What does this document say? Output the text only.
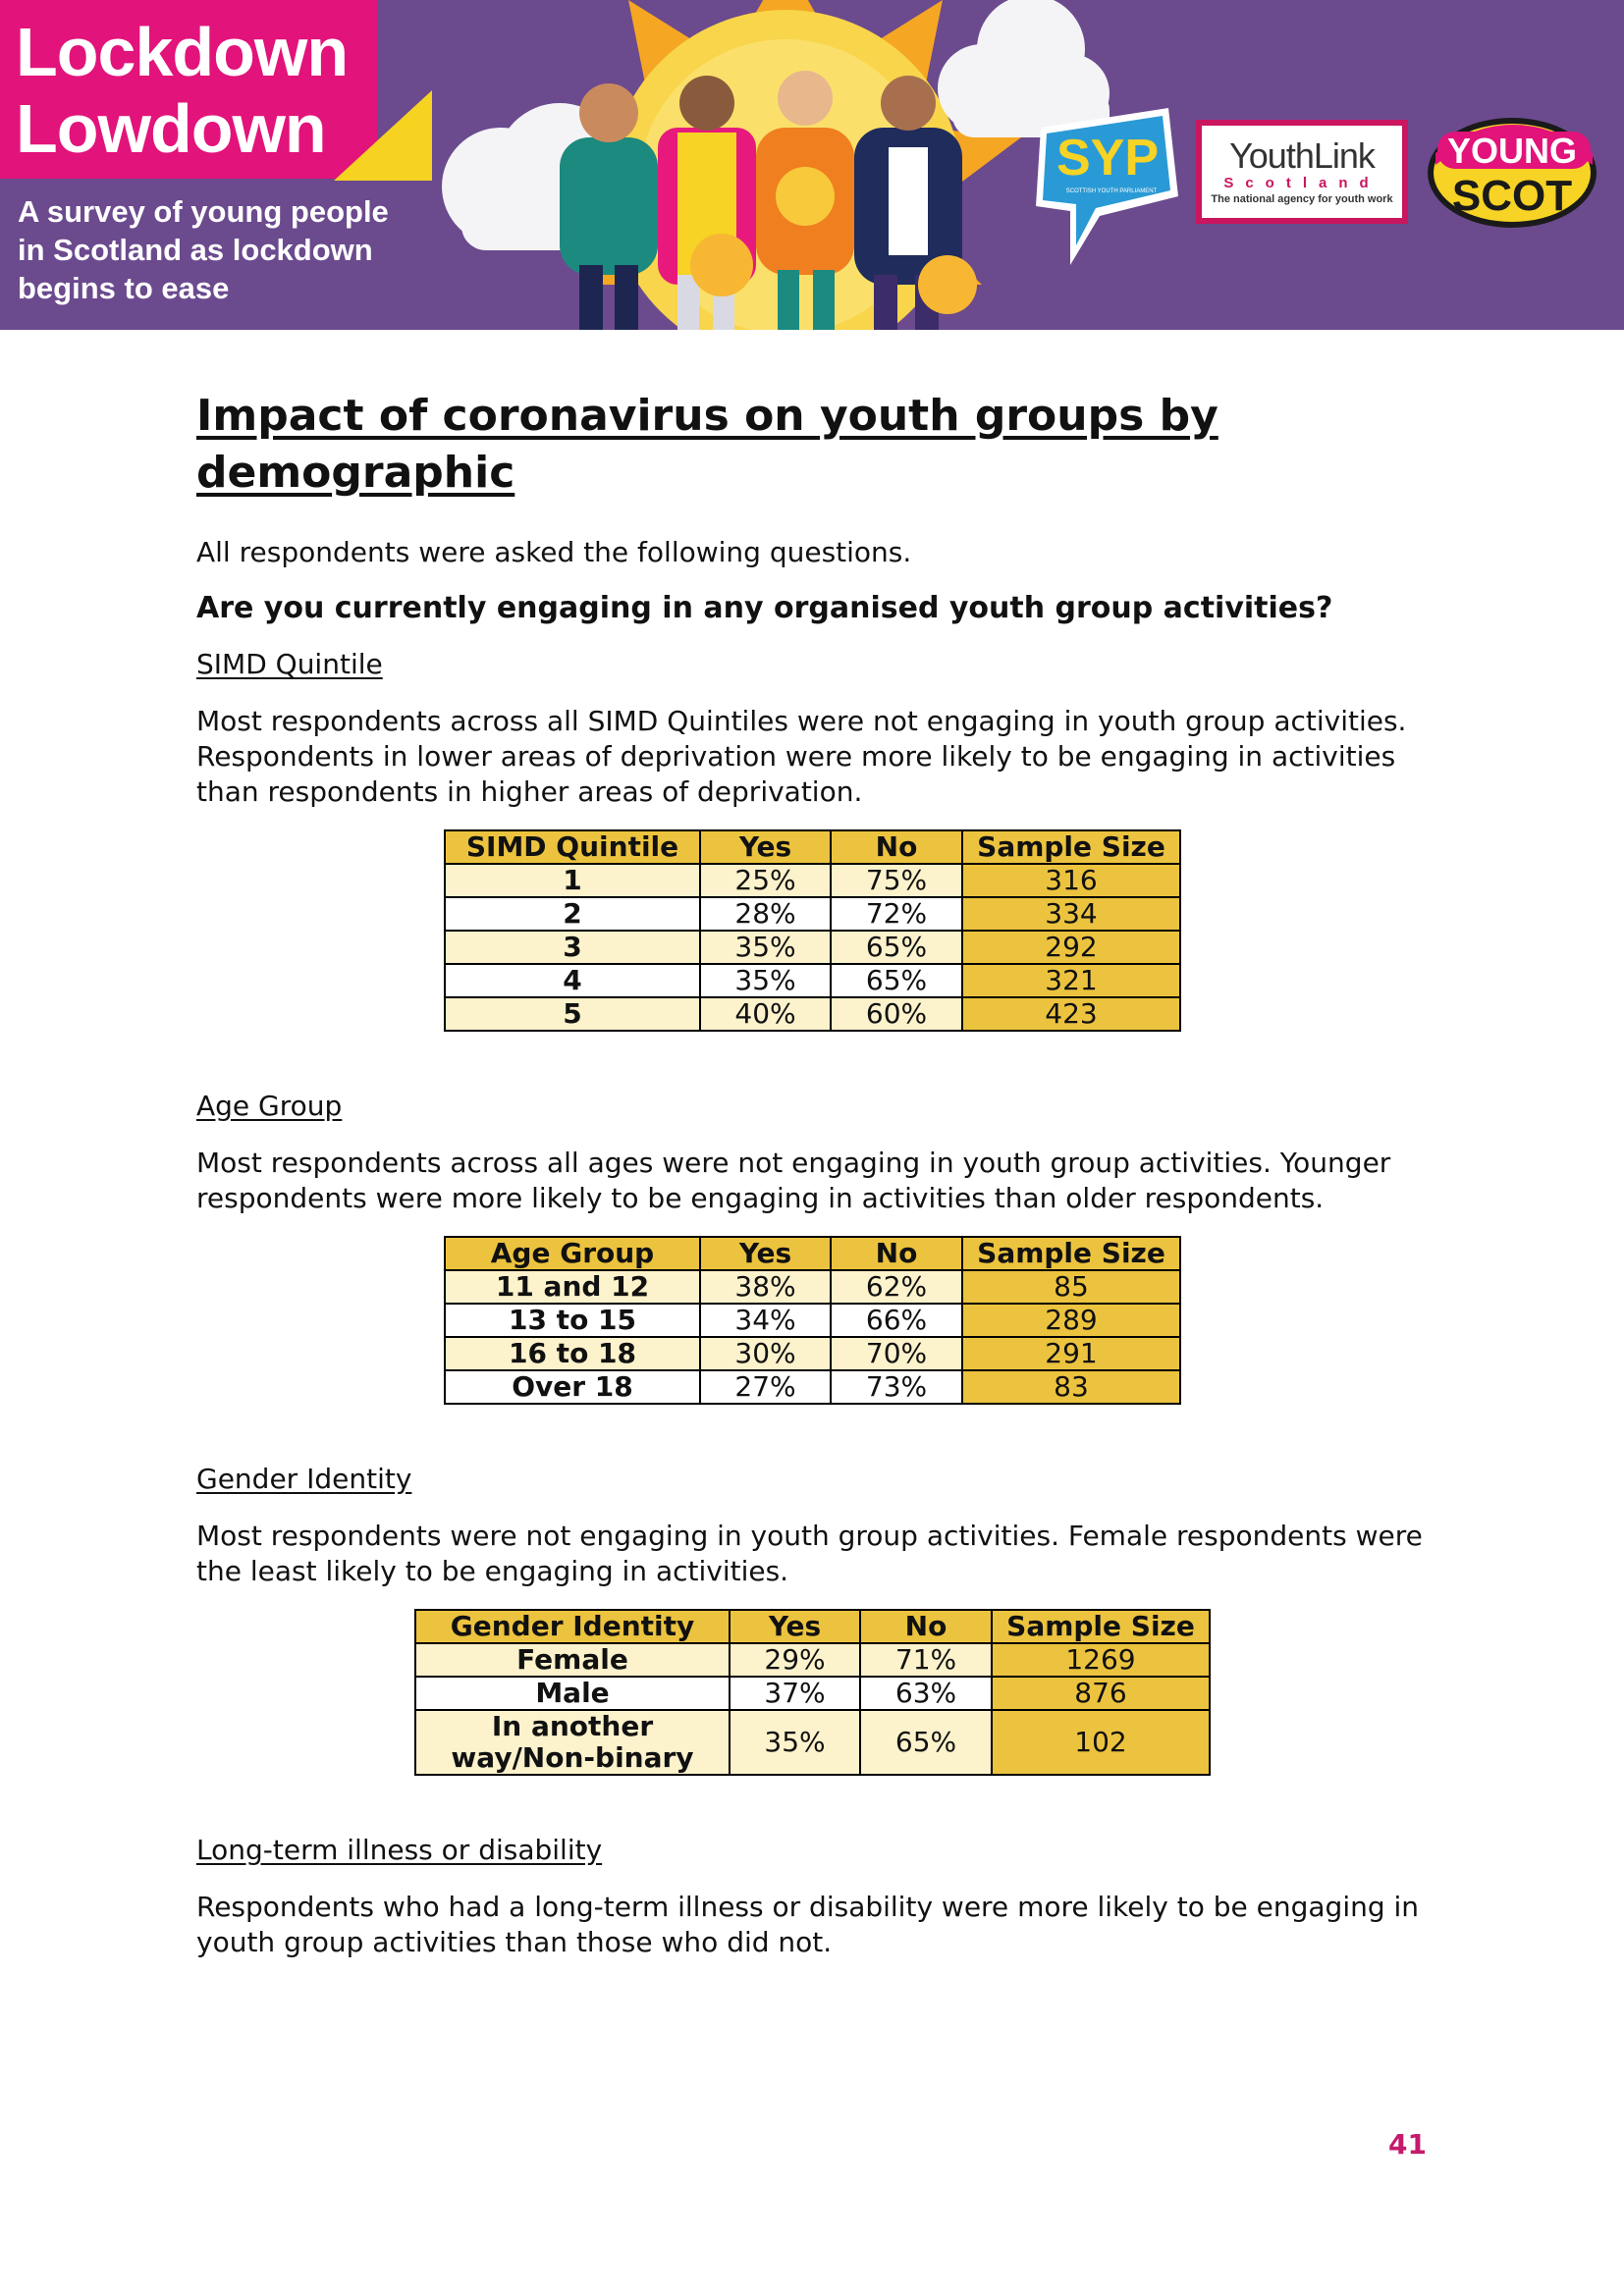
Lockdown
Lowdown
A survey of young people
in Scotland as lockdown
begins to ease
SYP
SCOTTISH YOUTH PARLIAMENT
YouthLink
Scotland
The national agency for youth work
YOUNG
SCOT
Impact of coronavirus on youth groups by
demographic

All respondents were asked the following questions.

Are you currently engaging in any organised youth group activities?

SIMD Quintile

Most respondents across all SIMD Quintiles were not engaging in youth group activities.
Respondents in lower areas of deprivation were more likely to be engaging in activities
than respondents in higher areas of deprivation.

SIMD Quintile	Yes	No	Sample Size
1	25%	75%	316
2	28%	72%	334
3	35%	65%	292
4	35%	65%	321
5	40%	60%	423

Age Group

Most respondents across all ages were not engaging in youth group activities. Younger
respondents were more likely to be engaging in activities than older respondents.

Age Group	Yes	No	Sample Size
11 and 12	38%	62%	85
13 to 15	34%	66%	289
16 to 18	30%	70%	291
Over 18	27%	73%	83

Gender Identity

Most respondents were not engaging in youth group activities. Female respondents were
the least likely to be engaging in activities.

Gender Identity	Yes	No	Sample Size
Female	29%	71%	1269
Male	37%	63%	876
In another
way/Non-binary	35%	65%	102

Long-term illness or disability

Respondents who had a long-term illness or disability were more likely to be engaging in
youth group activities than those who did not.

41
